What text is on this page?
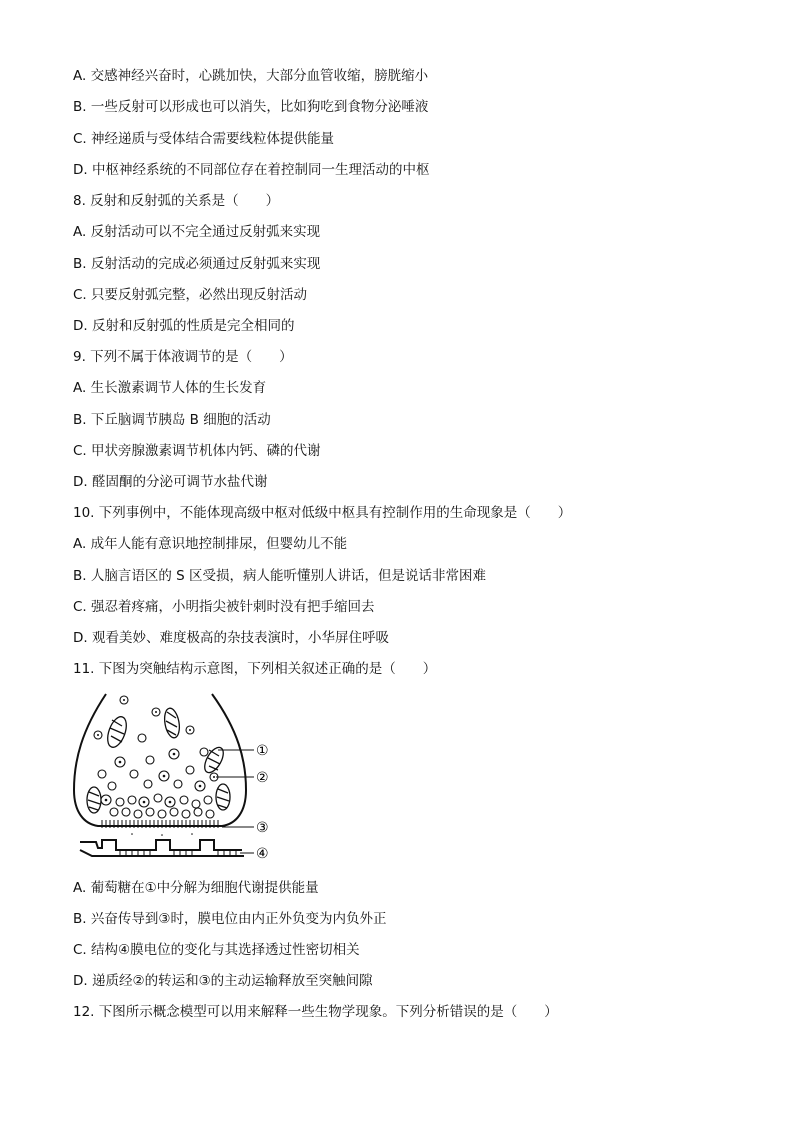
A. 交感神经兴奋时，心跳加快，大部分血管收缩，膀胱缩小
B. 一些反射可以形成也可以消失，比如狗吃到食物分泌唾液
C. 神经递质与受体结合需要线粒体提供能量
D. 中枢神经系统的不同部位存在着控制同一生理活动的中枢
8. 反射和反射弧的关系是（　　）
A. 反射活动可以不完全通过反射弧来实现
B. 反射活动的完成必须通过反射弧来实现
C. 只要反射弧完整，必然出现反射活动
D. 反射和反射弧的性质是完全相同的
9. 下列不属于体液调节的是（　　）
A. 生长激素调节人体的生长发育
B. 下丘脑调节胰岛 B 细胞的活动
C. 甲状旁腺激素调节机体内钙、磷的代谢
D. 醛固酮的分泌可调节水盐代谢
10. 下列事例中，不能体现高级中枢对低级中枢具有控制作用的生命现象是（　　）
A. 成年人能有意识地控制排尿，但婴幼儿不能
B. 人脑言语区的 S 区受损，病人能听懂别人讲话，但是说话非常困难
C. 强忍着疼痛，小明指尖被针刺时没有把手缩回去
D. 观看美妙、难度极高的杂技表演时，小华屏住呼吸
11. 下图为突触结构示意图，下列相关叙述正确的是（　　）
①
②
③
④
A. 葡萄糖在①中分解为细胞代谢提供能量
B. 兴奋传导到③时，膜电位由内正外负变为内负外正
C. 结构④膜电位的变化与其选择透过性密切相关
D. 递质经②的转运和③的主动运输释放至突触间隙
12. 下图所示概念模型可以用来解释一些生物学现象。下列分析错误的是（　　）
